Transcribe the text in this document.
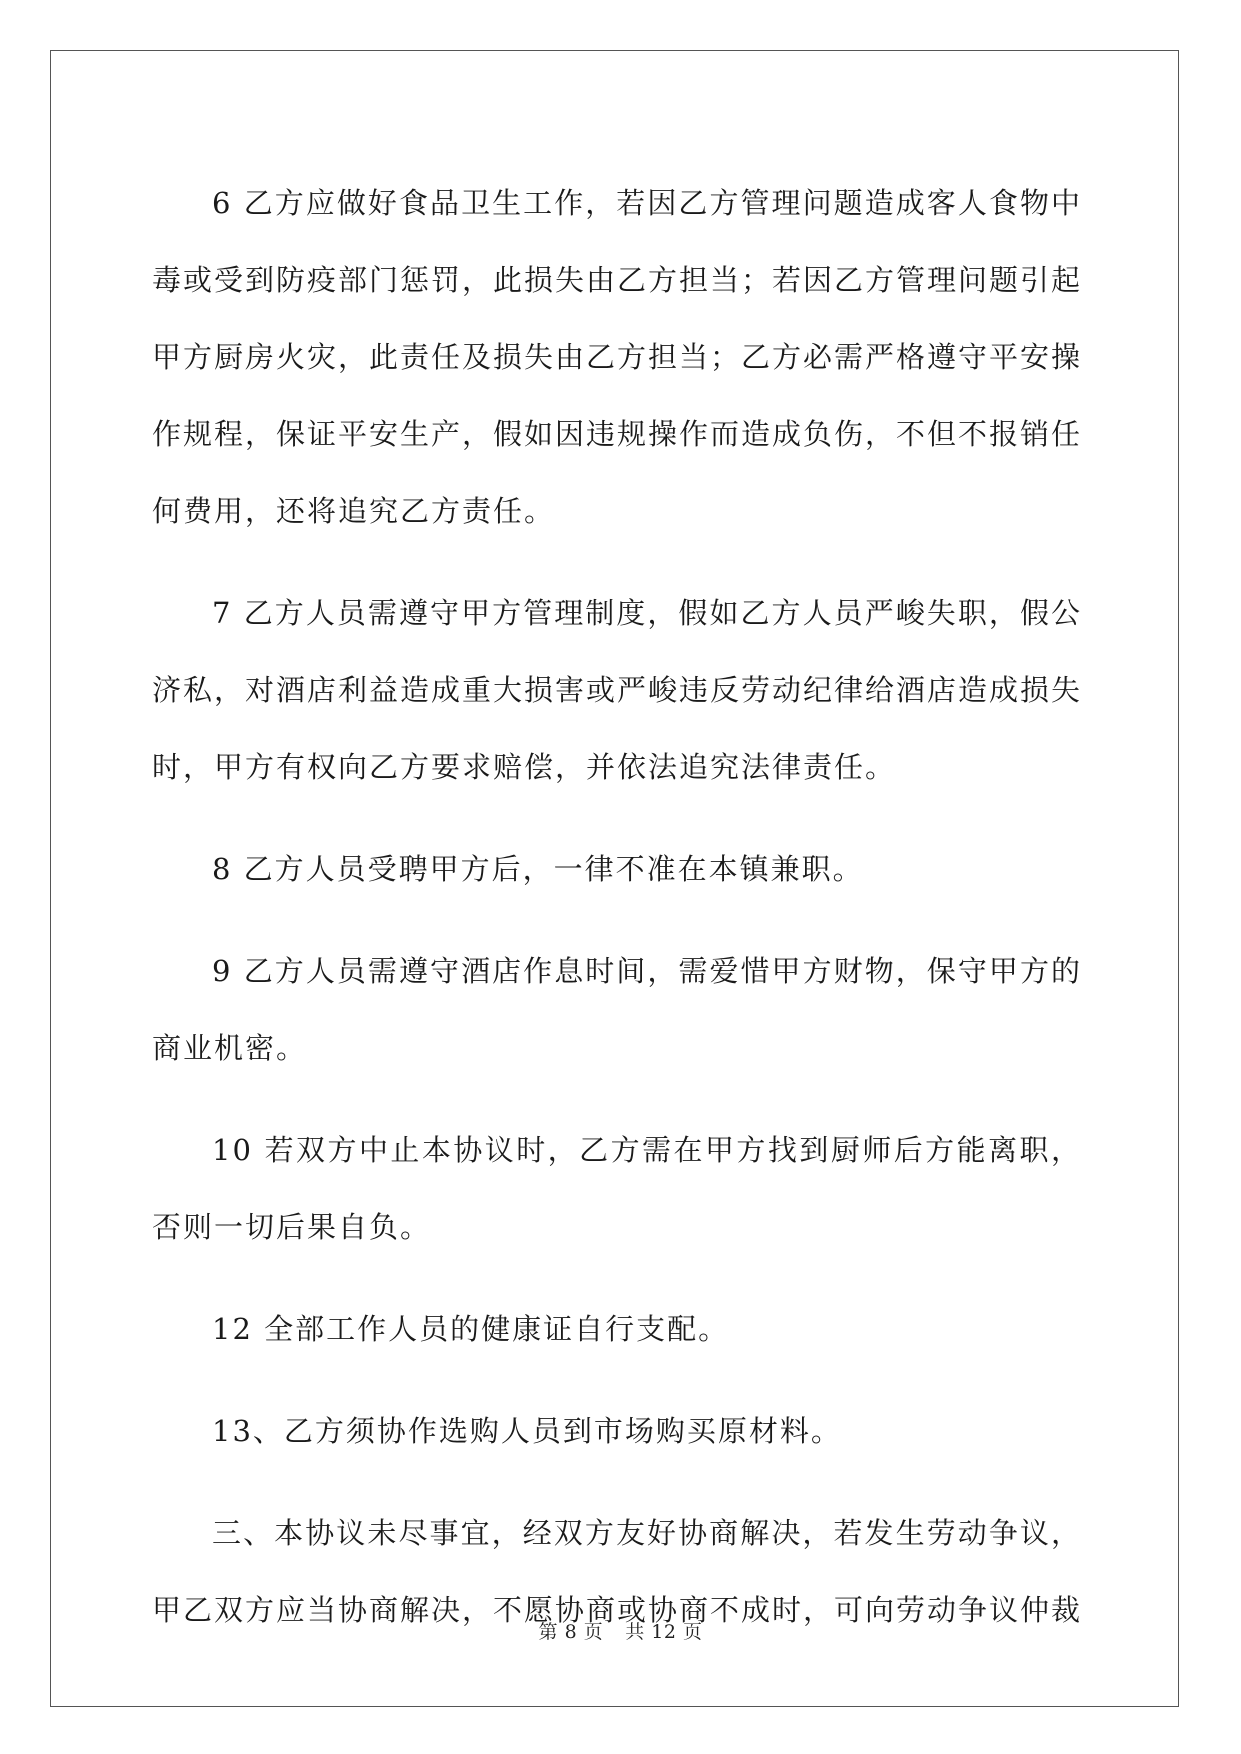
6 乙方应做好食品卫生工作，若因乙方管理问题造成客人食物中毒或受到防疫部门惩罚，此损失由乙方担当；若因乙方管理问题引起甲方厨房火灾，此责任及损失由乙方担当；乙方必需严格遵守平安操作规程，保证平安生产，假如因违规操作而造成负伤，不但不报销任何费用，还将追究乙方责任。

7 乙方人员需遵守甲方管理制度，假如乙方人员严峻失职，假公济私，对酒店利益造成重大损害或严峻违反劳动纪律给酒店造成损失时，甲方有权向乙方要求赔偿，并依法追究法律责任。

8 乙方人员受聘甲方后，一律不准在本镇兼职。

9 乙方人员需遵守酒店作息时间，需爱惜甲方财物，保守甲方的商业机密。

10 若双方中止本协议时，乙方需在甲方找到厨师后方能离职，否则一切后果自负。

12 全部工作人员的健康证自行支配。

13、乙方须协作选购人员到市场购买原材料。

三、本协议未尽事宜，经双方友好协商解决，若发生劳动争议，甲乙双方应当协商解决，不愿协商或协商不成时，可向劳动争议仲裁

第 8 页 共 12 页
